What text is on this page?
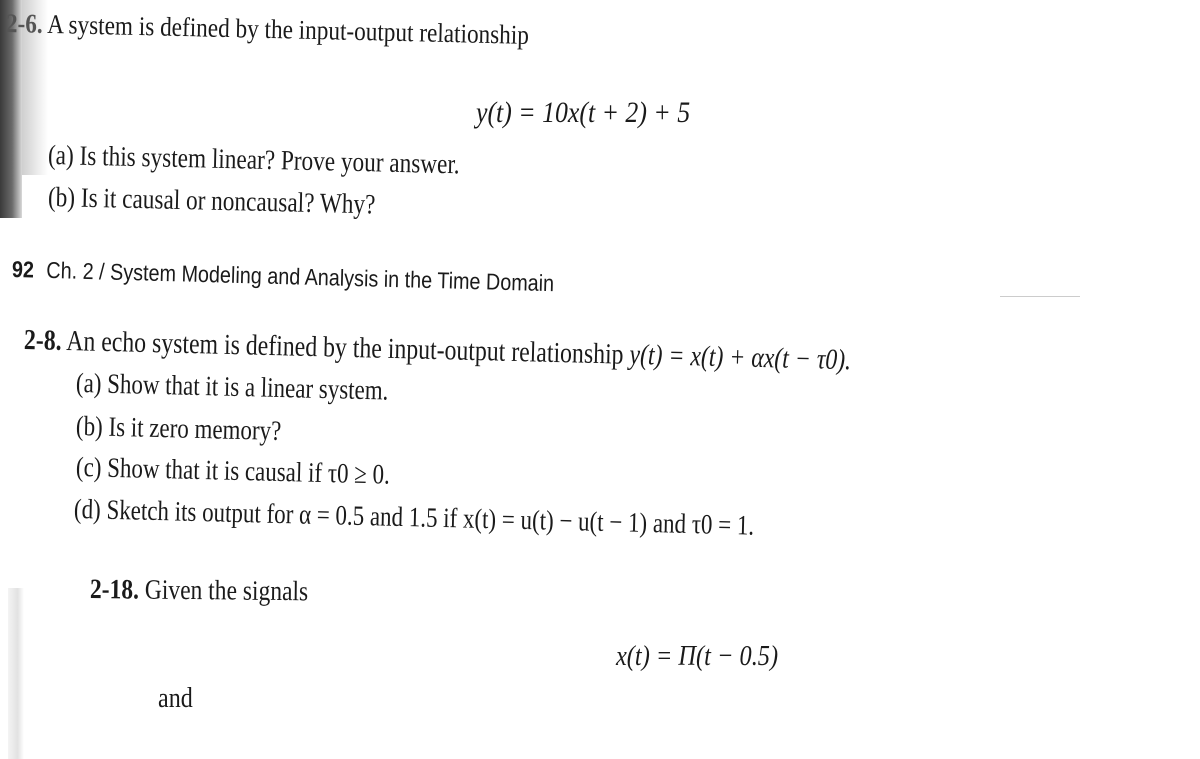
2-6. A system is defined by the input-output relationship
y(t) = 10x(t + 2) + 5
(a) Is this system linear? Prove your answer.
(b) Is it causal or noncausal? Why?
92 Ch. 2 / System Modeling and Analysis in the Time Domain
2-8. An echo system is defined by the input-output relationship y(t) = x(t) + αx(t − τ0).
(a) Show that it is a linear system.
(b) Is it zero memory?
(c) Show that it is causal if τ0 ≥ 0.
(d) Sketch its output for α = 0.5 and 1.5 if x(t) = u(t) − u(t − 1) and τ0 = 1.
2-18. Given the signals
x(t) = Π(t − 0.5)
and
